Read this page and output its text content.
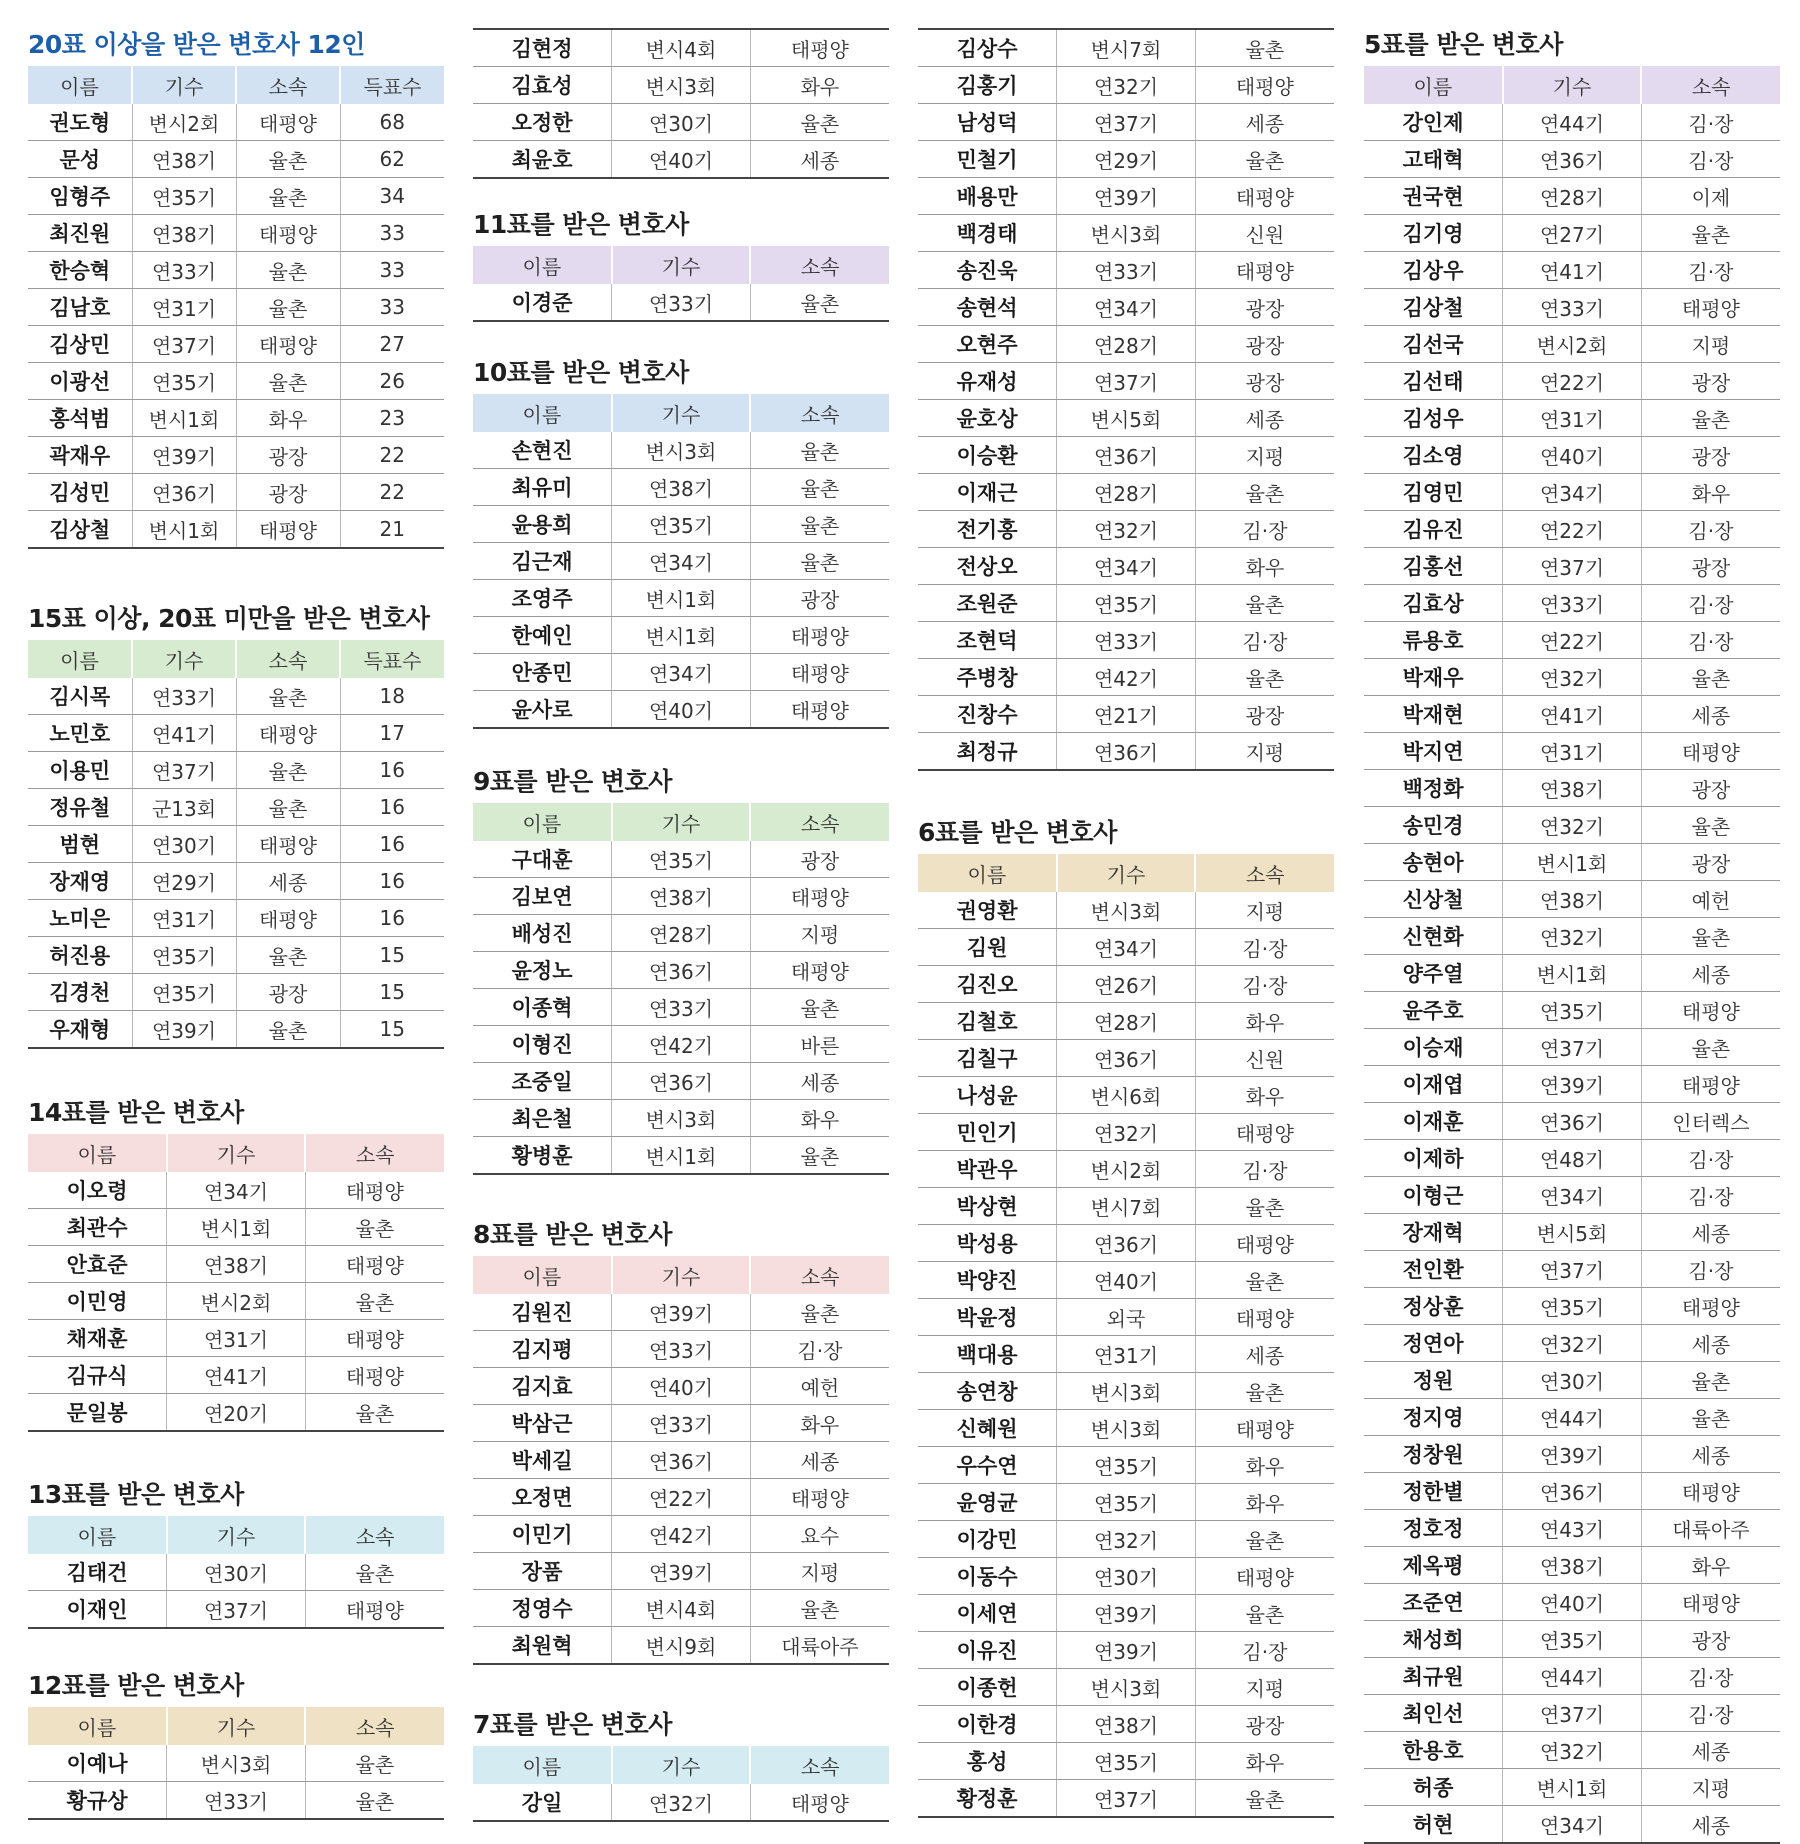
20표 이상을 받은 변호사 12인
이름	기수	소속	득표수
권도형	변시2회	태평양	68
문성	연38기	율촌	62
임형주	연35기	율촌	34
최진원	연38기	태평양	33
한승혁	연33기	율촌	33
김남호	연31기	율촌	33
김상민	연37기	태평양	27
이광선	연35기	율촌	26
홍석범	변시1회	화우	23
곽재우	연39기	광장	22
김성민	연36기	광장	22
김상철	변시1회	태평양	21
15표 이상, 20표 미만을 받은 변호사
이름	기수	소속	득표수
김시목	연33기	율촌	18
노민호	연41기	태평양	17
이용민	연37기	율촌	16
정유철	군13회	율촌	16
범현	연30기	태평양	16
장재영	연29기	세종	16
노미은	연31기	태평양	16
허진용	연35기	율촌	15
김경천	연35기	광장	15
우재형	연39기	율촌	15
14표를 받은 변호사
이름	기수	소속
이오령	연34기	태평양
최관수	변시1회	율촌
안효준	연38기	태평양
이민영	변시2회	율촌
채재훈	연31기	태평양
김규식	연41기	태평양
문일봉	연20기	율촌
13표를 받은 변호사
이름	기수	소속
김태건	연30기	율촌
이재인	연37기	태평양
12표를 받은 변호사
이름	기수	소속
이예나	변시3회	율촌
황규상	연33기	율촌
김현정	변시4회	태평양
김효성	변시3회	화우
오정한	연30기	율촌
최윤호	연40기	세종
11표를 받은 변호사
이름	기수	소속
이경준	연33기	율촌
10표를 받은 변호사
이름	기수	소속
손현진	변시3회	율촌
최유미	연38기	율촌
윤용희	연35기	율촌
김근재	연34기	율촌
조영주	변시1회	광장
한예인	변시1회	태평양
안종민	연34기	태평양
윤사로	연40기	태평양
9표를 받은 변호사
이름	기수	소속
구대훈	연35기	광장
김보연	연38기	태평양
배성진	연28기	지평
윤정노	연36기	태평양
이종혁	연33기	율촌
이형진	연42기	바른
조중일	연36기	세종
최은철	변시3회	화우
황병훈	변시1회	율촌
8표를 받은 변호사
이름	기수	소속
김원진	연39기	율촌
김지평	연33기	김·장
김지효	연40기	예헌
박삼근	연33기	화우
박세길	연36기	세종
오정면	연22기	태평양
이민기	연42기	요수
장품	연39기	지평
정영수	변시4회	율촌
최원혁	변시9회	대륙아주
7표를 받은 변호사
이름	기수	소속
강일	연32기	태평양
김상수	변시7회	율촌
김홍기	연32기	태평양
남성덕	연37기	세종
민철기	연29기	율촌
배용만	연39기	태평양
백경태	변시3회	신원
송진욱	연33기	태평양
송현석	연34기	광장
오현주	연28기	광장
유재성	연37기	광장
윤호상	변시5회	세종
이승환	연36기	지평
이재근	연28기	율촌
전기홍	연32기	김·장
전상오	연34기	화우
조원준	연35기	율촌
조현덕	연33기	김·장
주병창	연42기	율촌
진창수	연21기	광장
최정규	연36기	지평
6표를 받은 변호사
이름	기수	소속
권영환	변시3회	지평
김원	연34기	김·장
김진오	연26기	김·장
김철호	연28기	화우
김칠구	연36기	신원
나성윤	변시6회	화우
민인기	연32기	태평양
박관우	변시2회	김·장
박상현	변시7회	율촌
박성용	연36기	태평양
박양진	연40기	율촌
박윤정	외국	태평양
백대용	연31기	세종
송연창	변시3회	율촌
신혜원	변시3회	태평양
우수연	연35기	화우
윤영균	연35기	화우
이강민	연32기	율촌
이동수	연30기	태평양
이세연	연39기	율촌
이유진	연39기	김·장
이종헌	변시3회	지평
이한경	연38기	광장
홍성	연35기	화우
황정훈	연37기	율촌
5표를 받은 변호사
이름	기수	소속
강인제	연44기	김·장
고태혁	연36기	김·장
권국현	연28기	이제
김기영	연27기	율촌
김상우	연41기	김·장
김상철	연33기	태평양
김선국	변시2회	지평
김선태	연22기	광장
김성우	연31기	율촌
김소영	연40기	광장
김영민	연34기	화우
김유진	연22기	김·장
김홍선	연37기	광장
김효상	연33기	김·장
류용호	연22기	김·장
박재우	연32기	율촌
박재현	연41기	세종
박지연	연31기	태평양
백정화	연38기	광장
송민경	연32기	율촌
송현아	변시1회	광장
신상철	연38기	예헌
신현화	연32기	율촌
양주열	변시1회	세종
윤주호	연35기	태평양
이승재	연37기	율촌
이재엽	연39기	태평양
이재훈	연36기	인터렉스
이제하	연48기	김·장
이형근	연34기	김·장
장재혁	변시5회	세종
전인환	연37기	김·장
정상훈	연35기	태평양
정연아	연32기	세종
정원	연30기	율촌
정지영	연44기	율촌
정창원	연39기	세종
정한별	연36기	태평양
정호정	연43기	대륙아주
제옥평	연38기	화우
조준연	연40기	태평양
채성희	연35기	광장
최규원	연44기	김·장
최인선	연37기	김·장
한용호	연32기	세종
허종	변시1회	지평
허현	연34기	세종
